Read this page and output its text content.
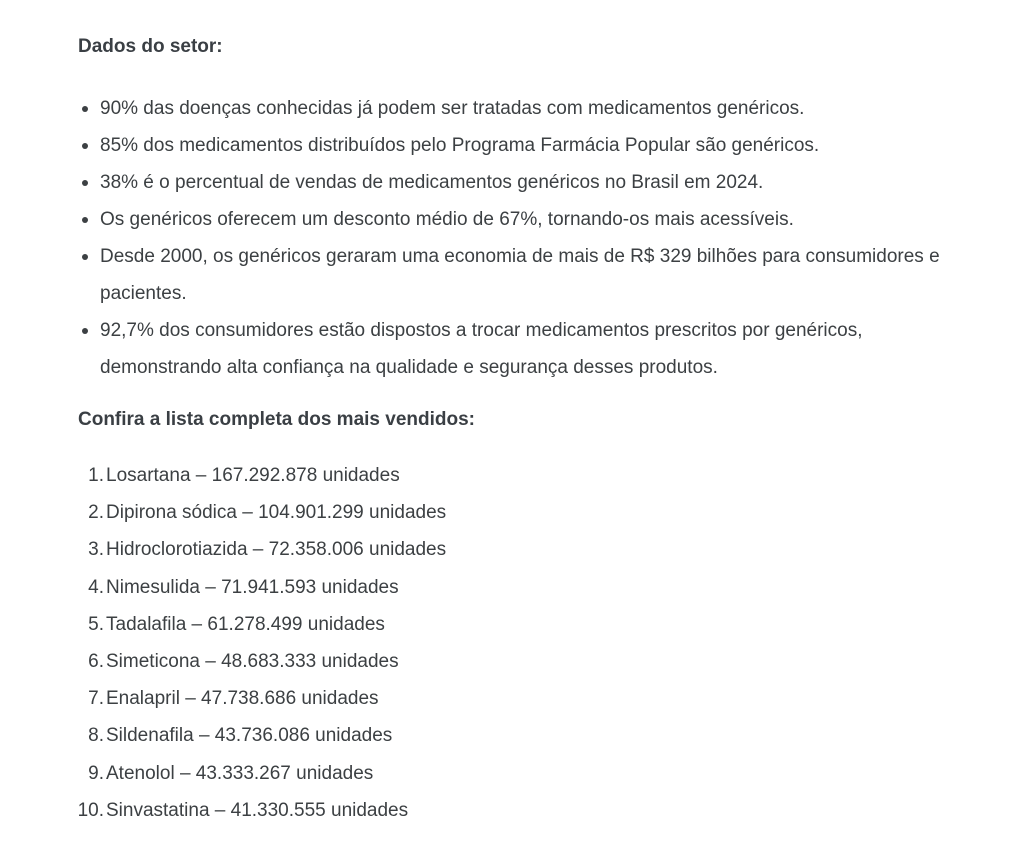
Dados do setor:
90% das doenças conhecidas já podem ser tratadas com medicamentos genéricos.
85% dos medicamentos distribuídos pelo Programa Farmácia Popular são genéricos.
38% é o percentual de vendas de medicamentos genéricos no Brasil em 2024.
Os genéricos oferecem um desconto médio de 67%, tornando-os mais acessíveis.
Desde 2000, os genéricos geraram uma economia de mais de R$ 329 bilhões para consumidores e pacientes.
92,7% dos consumidores estão dispostos a trocar medicamentos prescritos por genéricos, demonstrando alta confiança na qualidade e segurança desses produtos.
Confira a lista completa dos mais vendidos:
1. Losartana – 167.292.878 unidades
2. Dipirona sódica – 104.901.299 unidades
3. Hidroclorotiazida – 72.358.006 unidades
4. Nimesulida – 71.941.593 unidades
5. Tadalafila – 61.278.499 unidades
6. Simeticona – 48.683.333 unidades
7. Enalapril – 47.738.686 unidades
8. Sildenafila – 43.736.086 unidades
9. Atenolol – 43.333.267 unidades
10. Sinvastatina – 41.330.555 unidades
